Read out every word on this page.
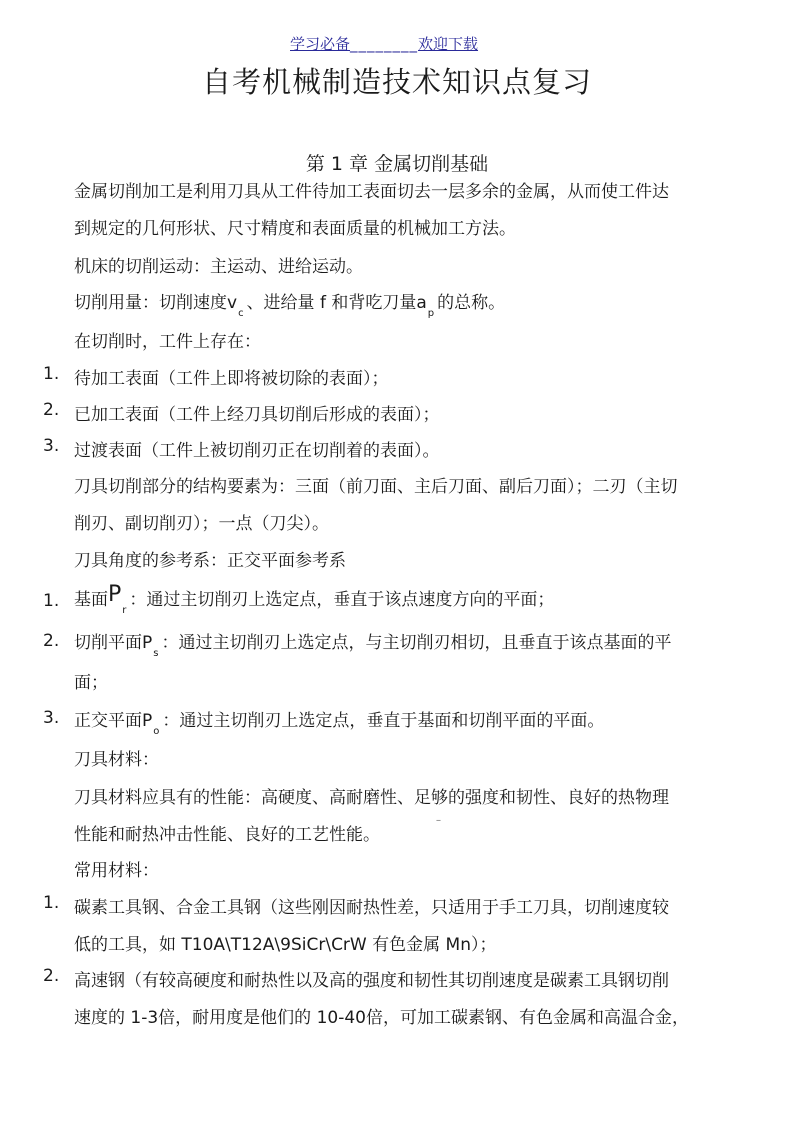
学习必备________欢迎下载
自考机械制造技术知识点复习
第 1 章 金属切削基础
金属切削加工是利用刀具从工件待加工表面切去一层多余的金属，从而使工件达
到规定的几何形状、尺寸精度和表面质量的机械加工方法。
机床的切削运动：主运动、进给运动。
切削用量：切削速度$v_c$、进给量 f 和背吃刀量$a_p$的总称。
在切削时，工件上存在：
1. 待加工表面（工件上即将被切除的表面）；
2. 已加工表面（工件上经刀具切削后形成的表面）；
3. 过渡表面（工件上被切削刃正在切削着的表面）。
刀具切削部分的结构要素为：三面（前刀面、主后刀面、副后刀面）；二刃（主切
削刃、副切削刃）；一点（刀尖）。
刀具角度的参考系：正交平面参考系
1. 基面$P_r$：通过主切削刃上选定点，垂直于该点速度方向的平面；
2. 切削平面$P_s$：通过主切削刃上选定点，与主切削刃相切，且垂直于该点基面的平
面；
3. 正交平面$P_o$：通过主切削刃上选定点，垂直于基面和切削平面的平面。
刀具材料：
刀具材料应具有的性能：高硬度、高耐磨性、足够的强度和韧性、良好的热物理
性能和耐热冲击性能、良好的工艺性能。
–
常用材料：
1. 碳素工具钢、合金工具钢（这些刚因耐热性差，只适用于手工刀具，切削速度较
低的工具，如 T10A\T12A\9SiCr\CrW 有色金属 Mn）；
2. 高速钢（有较高硬度和耐热性以及高的强度和韧性其切削速度是碳素工具钢切削
速度的 1-3倍，耐用度是他们的 10-40倍，可加工碳素钢、有色金属和高温合金，
